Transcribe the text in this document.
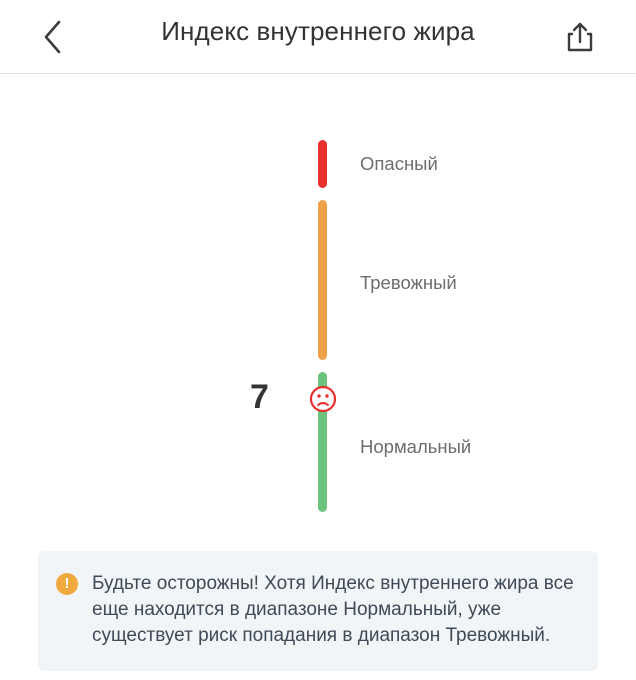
Индекс внутреннего жира
Опасный
Тревожный
Нормальный
7
!	Будьте осторожны! Хотя Индекс внутреннего жира все еще находится в диапазоне Нормальный, уже существует риск попадания в диапазон Тревожный.
